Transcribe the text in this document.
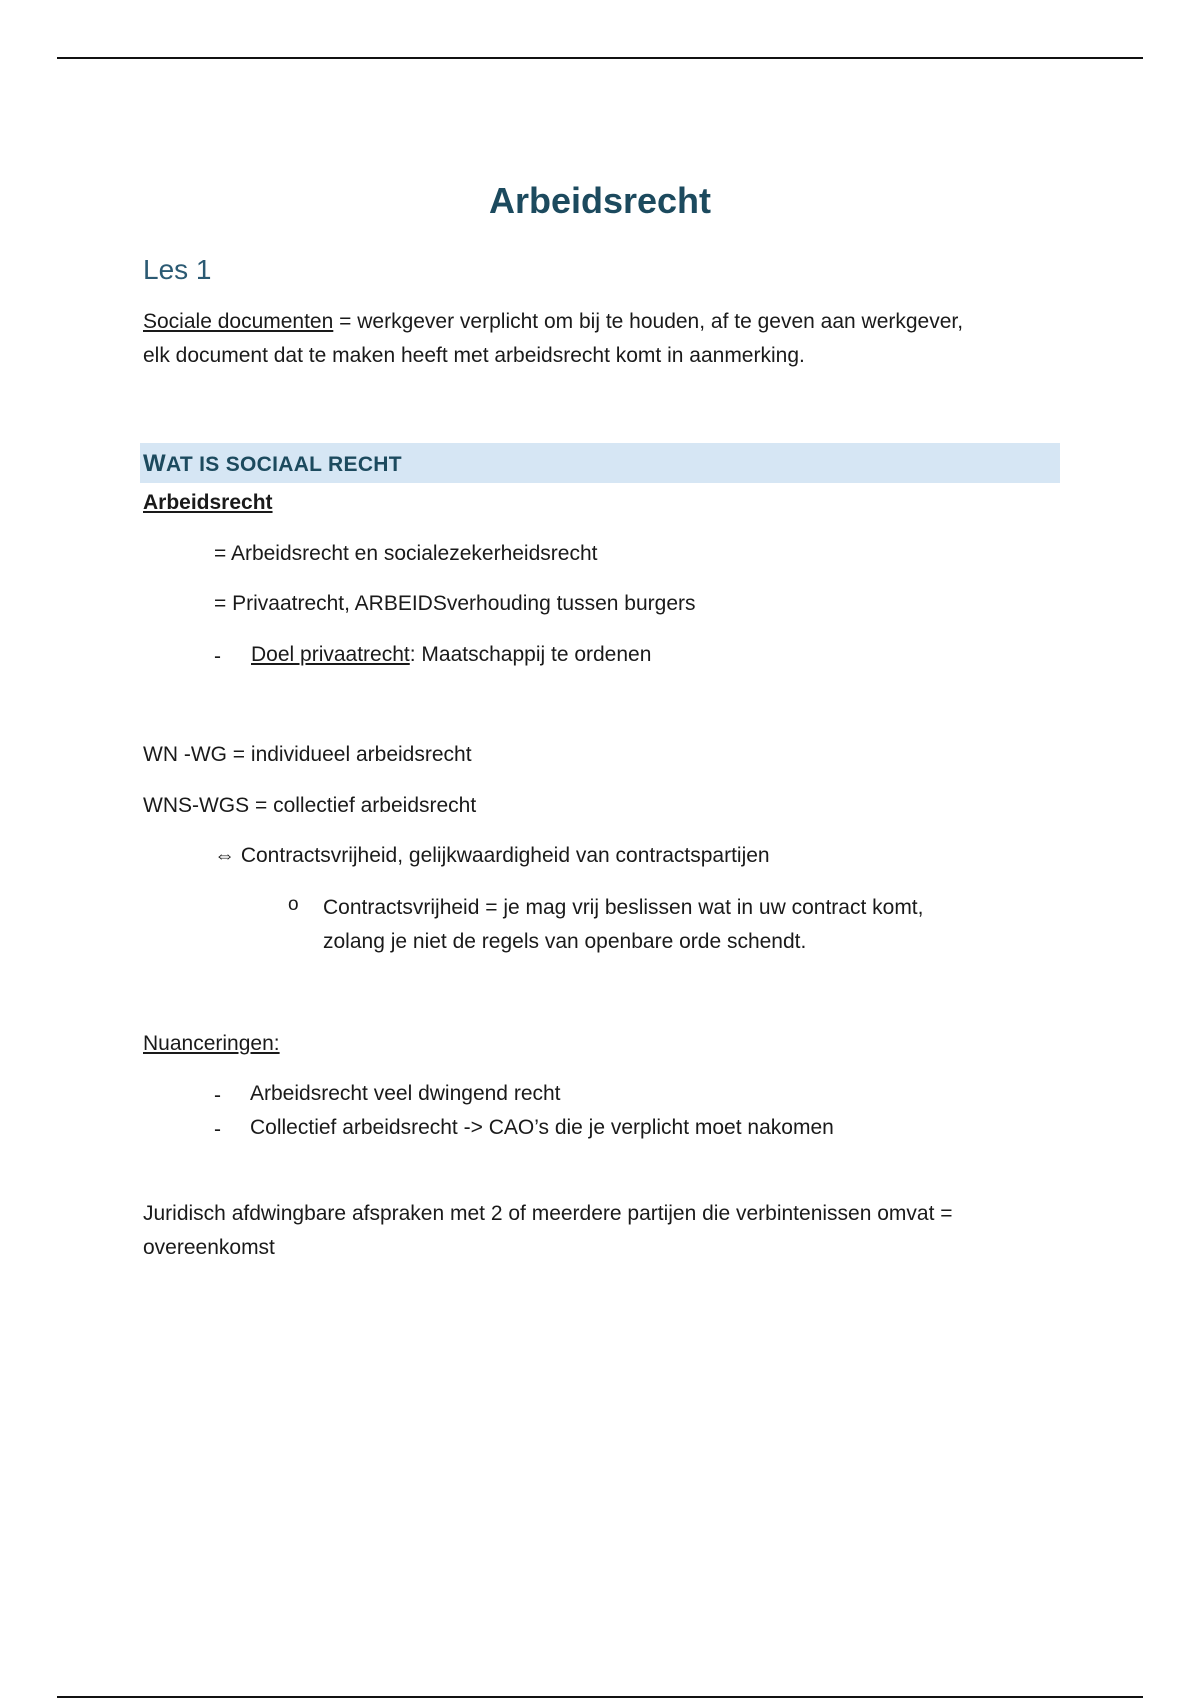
Arbeidsrecht
Les 1

Sociale documenten = werkgever verplicht om bij te houden, af te geven aan werkgever,
elk document dat te maken heeft met arbeidsrecht komt in aanmerking.

WAT IS SOCIAAL RECHT

Arbeidsrecht

= Arbeidsrecht en socialezekerheidsrecht

= Privaatrecht, ARBEIDSverhouding tussen burgers

- Doel privaatrecht: Maatschappij te ordenen

WN -WG = individueel arbeidsrecht

WNS-WGS = collectief arbeidsrecht

⇔ Contractsvrijheid, gelijkwaardigheid van contractspartijen

o Contractsvrijheid = je mag vrij beslissen wat in uw contract komt,
zolang je niet de regels van openbare orde schendt.

Nuanceringen:

- Arbeidsrecht veel dwingend recht

- Collectief arbeidsrecht -> CAO’s die je verplicht moet nakomen

Juridisch afdwingbare afspraken met 2 of meerdere partijen die verbintenissen omvat =
overeenkomst
